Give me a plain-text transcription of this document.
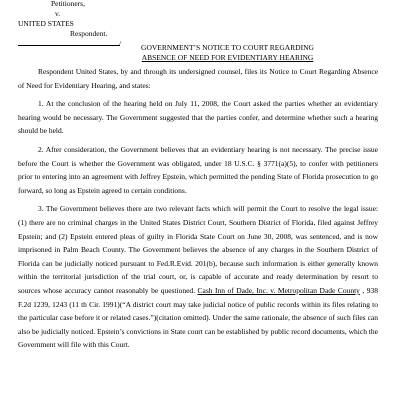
Petitioners,
v.
UNITED STATES
Respondent.
/	GOVERNMENT’S NOTICE TO COURT REGARDING
ABSENCE OF NEED FOR EVIDENTIARY HEARING

Respondent United States, by and through its undersigned counsel, files its Notice to Court Regarding Absence of Need for Evidentiary Hearing, and states:

1. At the conclusion of the hearing held on July 11, 2008, the Court asked the parties whether an evidentiary hearing would be necessary. The Government suggested that the parties confer, and determine whether such a hearing should be held.

2. After consideration, the Government believes that an evidentiary hearing is not necessary. The precise issue before the Court is whether the Government was obligated, under 18 U.S.C. § 3771(a)(5), to confer with petitioners prior to entering into an agreement with Jeffrey Epstein, which permitted the pending State of Florida prosecution to go forward, so long as Epstein agreed to certain conditions.

3. The Government believes there are two relevant facts which will permit the Court to resolve the legal issue: (1) there are no criminal charges in the United States District Court, Southern District of Florida, filed against Jeffrey Epstein; and (2) Epstein entered pleas of guilty in Florida State Court on June 30, 2008, was sentenced, and is now imprisoned in Palm Beach County. The Government believes the absence of any charges in the Southern District of Florida can be judicially noticed pursuant to Fed.R.Evid. 201(b), because such information is either generally known within the territorial jurisdiction of the trial court, or, is capable of accurate and ready determination by resort to sources whose accuracy cannot reasonably be questioned. Cash Inn of Dade, Inc. v. Metropolitan Dade County , 938 F.2d 1239, 1243 (11 th Cir. 1991)(“A district court may take judicial notice of public records within its files relating to the particular case before it or related cases.”)(citation omitted). Under the same rationale, the absence of such files can also be judicially noticed. Epstein’s convictions in State court can be established by public record documents, which the Government will file with this Court.
